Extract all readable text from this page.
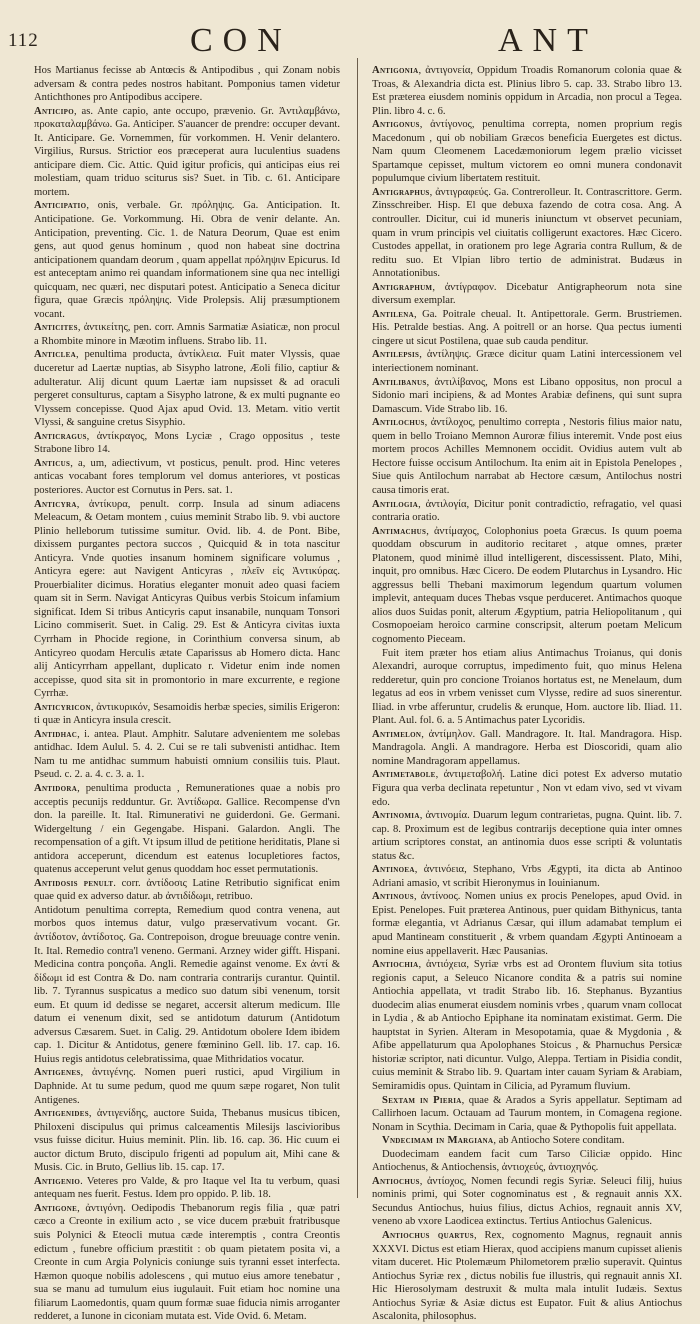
112	CON	ANT

Hos Martianus fecisse ab Antœcis & Antipodibus , qui Zonam nobis adversam & contra pedes nostros habitant. Pomponius tamen videtur Antichthones pro Antipodibus accipere.

Anticipo, as. Ante capio, ante occupo, prævenio. Gr. Ἀντιλαμβάνω, προκαταλαμβάνω. Ga. Anticiper. S'auancer de prendre: occuper devant. It. Anticipare. Ge. Vornemmen, für vorkommen. H. Venir delantero. Virgilius, Rursus. Strictior eos præceperat aura luculentius suadens anticipare diem. Cic. Attic. Quid igitur proficis, qui anticipas eius rei molestiam, quam triduo sciturus sis? Suet. in Tib. c. 61. Anticipare mortem.

Anticipatio, onis, verbale. Gr. πρόληψις. Ga. Anticipation. It. Anticipatione. Ge. Vorkommung. Hi. Obra de venir delante. An. Anticipation, preventing. Cic. 1. de Natura Deorum, Quae est enim gens, aut quod genus hominum , quod non habeat sine doctrina anticipationem quandam deorum , quam appellat πρόληψιν Epicurus. Id est anteceptam animo rei quandam informationem sine qua nec intelligi quicquam, nec quæri, nec disputari potest. Anticipatio a Seneca dicitur figura, quae Græcis πρόληψις. Vide Prolepsis. Alij præsumptionem vocant.

Anticites, ἀντικείτης, pen. corr. Amnis Sarmatiæ Asiaticæ, non procul a Rhombite minore in Mæotim influens. Strabo lib. 11.

Anticlea, penultima producta, ἀντίκλεια. Fuit mater Vlyssis, quae duceretur ad Laertæ nuptias, ab Sisypho latrone, Æoli filio, captiur & adulteratur. Alij dicunt quum Laertæ iam nupsisset & ad oraculi pergeret consulturus, captam a Sisypho latrone, & ex multi pugnante eo Vlyssem concepisse. Quod Ajax apud Ovid. 13. Metam. vitio vertit Vlyssi, & sanguine cretus Sisyphio.

Anticragus, ἀντίκραγος, Mons Lyciæ , Crago oppositus , teste Strabone libro 14.

Anticus, a, um, adiectivum, vt posticus, penult. prod. Hinc veteres anticas vocabant fores templorum vel domus anteriores, vt posticas posteriores. Auctor est Cornutus in Pers. sat. 1.

Anticyra, ἀντίκυρα, penult. corrp. Insula ad sinum adiacens Meleacum, & Oetam montem , cuius meminit Strabo lib. 9. vbi auctore Plinio helleborum tutissime sumitur. Ovid. lib. 4. de Pont. Bibe, dixissem purgantes pectora succos , Quicquid & in tota nascitur Anticyra. Vnde quoties insanum hominem significare volumus , Anticyra egere: aut Navigent Anticyras , πλεῖν εἰς Ἀντικύρας. Prouerbialiter dicimus. Horatius eleganter monuit adeo quasi faciem quam sit in Serm. Navigat Anticyras Quibus verbis Stoicum infamium significat. Idem Si tribus Anticyris caput insanabile, nunquam Tonsori Licino commiserit. Suet. in Calig. 29. Est & Anticyra civitas iuxta Cyrrham in Phocide regione, in Corinthium conversa sinum, ab Anticyreo quodam Herculis ætate Caparissus ab Homero dicta. Hanc alij Anticyrrham appellant, duplicato r. Videtur enim inde nomen accepisse, quod sita sit in promontorio in mare excurrente, e regione Cyrrhæ.

Anticyricon, ἀντικυρικόν, Sesamoidis herbæ species, similis Erigeron: ti quæ in Anticyra insula crescit.

Antidhac, i. antea. Plaut. Amphitr. Salutare advenientem me solebas antidhac. Idem Aulul. 5. 4. 2. Cui se re tali subvenisti antidhac. Item Nam tu me antidhac summum habuisti omnium consiliis tuis. Plaut. Pseud. c. 2. a. 4. c. 3. a. 1.

Antidora, penultima producta , Remunerationes quae a nobis pro acceptis pecunijs redduntur. Gr. Ἀντίδωρα. Gallice. Recompense d'vn don. la pareille. It. Ital. Rimunerativi ne guiderdoni. Ge. Germani. Widergeltung / ein Gegengabe. Hispani. Galardon. Angli. The recompensation of a gift. Vt ipsum illud de petitione heriditatis, Plane si antidora acceperunt, dicendum est eatenus locupletiores factos, quatenus acceperunt velut genus quoddam hoc esset permutationis.

Antidosis penult. corr. ἀντίδοσις Latine Retributio significat enim quae quid ex adverso datur. ab ἀντιδίδωμι, retribuo.

Antidotum penultima correpta, Remedium quod contra venena, aut morbos quos intemus datur, vulgo præservativum vocant. Gr. ἀντίδοτον, ἀντίδοτος. Ga. Contrepoison, drogue breuuage contre venin. It. Ital. Remedio contra'l veneno. Germani. Arzney wider gifft. Hispani. Medicina contra ponçoña. Angli. Remedie against venome. Ex ἀντί & δίδωμι id est Contra & Do. nam contraria contrarijs curantur. Quintil. lib. 7. Tyrannus suspicatus a medico suo datum sibi venenum, torsit eum. Et quum id dedisse se negaret, accersit alterum medicum. Ille datum ei venenum dixit, sed se antidotum daturum (Antidotum adversus Cæsarem. Suet. in Calig. 29. Antidotum obolere Idem ibidem cap. 1. Dicitur & Antidotus, genere fœminino Gell. lib. 17. cap. 16. Huius regis antidotus celebratissima, quae Mithridatios vocatur.

Antigenes, ἀντιγένης. Nomen pueri rustici, apud Virgilium in Daphnide. At tu sume pedum, quod me quum sæpe rogaret, Non tulit Antigenes.

Antigenides, ἀντιγενίδης, auctore Suida, Thebanus musicus tibicen, Philoxeni discipulus qui primus calceamentis Milesijs lascivioribus vsus fuisse dicitur. Huius meminit. Plin. lib. 16. cap. 36. Hic cuum ei auctor dictum Bruto, discipulo frigenti ad populum ait, Mihi cane & Musis. Cic. in Bruto, Gellius lib. 15. cap. 17.

Antigenio. Veteres pro Valde, & pro Itaque vel Ita tu verbum, quasi antequam nes fuerit. Festus. Idem pro oppido. P. lib. 18.

Antigone, ἀντιγόνη. Oedipodis Thebanorum regis filia , quæ patri cæco a Creonte in exilium acto , se vice ducem præbuit fratribusque suis Polynici & Eteocli mutua cæde interemptis , contra Creontis edictum , funebre officium præstitit : ob quam pietatem posita vi, a Creonte in cum Argia Polynicis coniunge suis tyranni esset interfecta. Hæmon quoque nobilis adolescens , qui mutuo eius amore tenebatur , sua se manu ad tumulum eius iugulauit. Fuit etiam hoc nomine una filiarum Laomedontis, quam quum formæ suae fiducia nimis arroganter redderet, a Iunone in ciconiam mutata est. Vide Ovid. 6. Metam.

Antigonia, ἀντιγονεία, Oppidum Troadis Romanorum colonia quae & Troas, & Alexandria dicta est. Plinius libro 5. cap. 33. Strabo libro 13. Est præterea eiusdem nominis oppidum in Arcadia, non procul a Tegea. Plin. libro 4. c. 6.

Antigonus, ἀντίγονος, penultima correpta, nomen proprium regis Macedonum , qui ob nobiliam Græcos beneficia Euergetes est dictus. Nam quum Cleomenem Lacedæmoniorum legem prælio vicisset Spartamque cepisset, multum victorem eo omni munera condonavit populumque civium libertatem restituit.

Antigraphus, ἀντιγραφεύς. Ga. Contrerolleur. It. Contrascrittore. Germ. Zinsschreiber. Hisp. El que debuxa fazendo de cotra cosa. Ang. A controuller. Dicitur, cui id muneris iniunctum vt observet pecuniam, quam in vrum principis vel ciuitatis colligerunt exactores. Hæc Cicero. Custodes appellat, in orationem pro lege Agraria contra Rullum, & de reditu suo. Et Vlpian libro tertio de administrat. Budæus in Annotationibus.

Antigraphum, ἀντίγραφον. Dicebatur Antigrapheorum nota sine diversum exemplar.

Antilena, Ga. Poitrale cheual. It. Antipettorale. Germ. Brustriemen. His. Petralde bestias. Ang. A poitrell or an horse. Qua pectus iumenti cingere ut sicut Postilena, quae sub cauda penditur.

Antilepsis, ἀντίληψις. Græce dicitur quam Latini intercessionem vel interiectionem nominant.

Antilibanus, ἀντιλίβανος, Mons est Libano oppositus, non procul a Sidonio mari incipiens, & ad Montes Arabiæ definens, qui sunt supra Damascum. Vide Strabo lib. 16.

Antilochus, ἀντίλοχος, penultimo correpta , Nestoris filius maior natu, quem in bello Troiano Memnon Auroræ filius interemit. Vnde post eius mortem procos Achilles Memnonem occidit. Ovidius autem vult ab Hectore fuisse occisum Antilochum. Ita enim ait in Epistola Penelopes , Siue quis Antilochum narrabat ab Hectore cæsum, Antilochus nostri causa timoris erat.

Antilogia, ἀντιλογία, Dicitur ponit contradictio, refragatio, vel quasi contraria oratio.

Antimachus, ἀντίμαχος, Colophonius poeta Græcus. Is quum poema quoddam obscurum in auditorio recitaret , atque omnes, præter Platonem, quod minimè illud intelligerent, discessissent. Plato, Mihi, inquit, pro omnibus. Hæc Cicero. De eodem Plutarchus in Lysandro. Hic aggressus belli Thebani maximorum legendum quartum volumen implevit, antequam duces Thebas vsque perduceret. Antimachos quoque alios duos Suidas ponit, alterum Ægyptium, patria Heliopolitanum , qui Cosmopoeiam heroico carmine conscripsit, alterum poetam Melicum cognomento Pieceam.

Fuit item præter hos etiam alius Antimachus Troianus, qui donis Alexandri, auroque corruptus, impedimento fuit, quo minus Helena redderetur, quin pro concione Troianos hortatus est, ne Menelaum, dum legatus ad eos in vrbem venisset cum Vlysse, redire ad suos sinerentur. Iliad. in vrbe afferuntur, crudelis & erunque, Hom. auctore lib. Iliad. 11. Plant. Aul. fol. 6. a. 5 Antimachus pater Lycoridis.

Antimelon, ἀντίμηλον. Gall. Mandragore. It. Ital. Mandragora. Hisp. Mandragola. Angli. A mandragore. Herba est Dioscoridi, quam alio nomine Mandragoram appellamus.

Antimetabole, ἀντιμεταβολή. Latine dici potest Ex adverso mutatio Figura qua verba declinata repetuntur , Non vt edam vivo, sed vt vivam edo.

Antinomia, ἀντινομία. Duarum legum contrarietas, pugna. Quint. lib. 7. cap. 8. Proximum est de legibus contrarijs deceptione quia inter omnes artium scriptores constat, an antinomia duos esse scripti & voluntatis status &c.

Antinoea, ἀντινόεια, Stephano, Vrbs Ægypti, ita dicta ab Antinoo Adriani amasio, vt scribit Hieronymus in Iouinianum.

Antinous, ἀντίνοος. Nomen unius ex procis Penelopes, apud Ovid. in Epist. Penelopes. Fuit præterea Antinous, puer quidam Bithynicus, tanta formæ elegantia, vt Adrianus Cæsar, qui illum adamabat templum ei apud Mantineam constituerit , & vrbem quandam Ægypti Antinoeam a nomine eius appellaverit. Hæc Pausanias.

Antiochia, ἀντιόχεια, Syriæ vrbs est ad Orontem fluvium sita totius regionis caput, a Seleuco Nicanore condita & a patris sui nomine Antiochia appellata, vt tradit Strabo lib. 16. Stephanus. Byzantius duodecim alias enumerat eiusdem nominis vrbes , quarum vnam collocat in Lydia , & ab Antiocho Epiphane ita nominatam existimat. Germ. Die hauptstat in Syrien. Alteram in Mesopotamia, quae & Mygdonia , & Afibe appellaturum qua Apolophanes Stoicus , & Pharnuchus Persicæ historiæ scriptor, nati dicuntur. Vulgo, Aleppa. Tertiam in Pisidia condit, cuius meminit & Strabo lib. 9. Quartam inter cauam Syriam & Arabiam, Semiramidis opus. Quintam in Cilicia, ad Pyramum fluvium.

Sextam in Pieria, quae & Arados a Syris appellatur. Septimam ad Callirhoen lacum. Octauam ad Taurum montem, in Comagena regione. Nonam in Scythia. Decimam in Caria, quae & Pythopolis fuit appellata.

Vndecimam in Margiana, ab Antiocho Sotere conditam.

Duodecimam eandem facit cum Tarso Ciliciæ oppido. Hinc Antiochenus, & Antiochensis, ἀντιοχεύς, ἀντιοχηνός.

Antiochus, ἀντίοχος, Nomen fecundi regis Syriæ. Seleuci filij, huius nominis primi, qui Soter cognominatus est , & regnauit annis XX. Secundus Antiochus, huius filius, dictus Achios, regnauit annis XV, veneno ab vxore Laodicea extinctus. Tertius Antiochus Galenicus.

Antiochus quartus, Rex, cognomento Magnus, regnauit annis XXXVI. Dictus est etiam Hierax, quod accipiens manum cupisset alienis vitam duceret. Hic Ptolemæum Philometorem prælio superavit. Quintus Antiochus Syriæ rex , dictus nobilis fue illustris, qui regnauit annis XI. Hic Hierosolymam destruxit & multa mala intulit Iudæis. Sextus Antiochus Syriæ & Asiæ dictus est Eupator. Fuit & alius Antiochus Ascalonita, philosophus.
